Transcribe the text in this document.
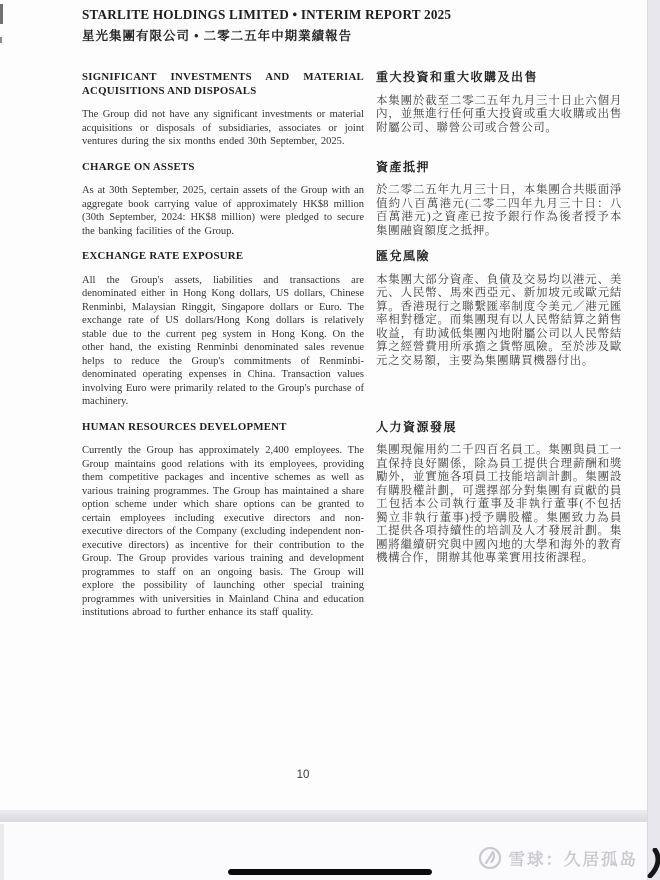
STARLITE HOLDINGS LIMITED • INTERIM REPORT 2025
星光集團有限公司 • 二零二五年中期業績報告
SIGNIFICANT INVESTMENTS AND MATERIAL ACQUISITIONS AND DISPOSALS

The Group did not have any significant investments or material acquisitions or disposals of subsidiaries, associates or joint ventures during the six months ended 30th September, 2025.

重大投資和重大收購及出售

本集團於截至二零二五年九月三十日止六個月內，並無進行任何重大投資或重大收購或出售附屬公司、聯營公司或合營公司。

CHARGE ON ASSETS

As at 30th September, 2025, certain assets of the Group with an aggregate book carrying value of approximately HK$8 million (30th September, 2024: HK$8 million) were pledged to secure the banking facilities of the Group.

資產抵押

於二零二五年九月三十日，本集團合共賬面淨值約八百萬港元(二零二四年九月三十日：八百萬港元)之資產已按予銀行作為後者授予本集團融資額度之抵押。

EXCHANGE RATE EXPOSURE

All the Group's assets, liabilities and transactions are denominated either in Hong Kong dollars, US dollars, Chinese Renminbi, Malaysian Ringgit, Singapore dollars or Euro. The exchange rate of US dollars/Hong Kong dollars is relatively stable due to the current peg system in Hong Kong. On the other hand, the existing Renminbi denominated sales revenue helps to reduce the Group's commitments of Renminbi-denominated operating expenses in China. Transaction values involving Euro were primarily related to the Group's purchase of machinery.

匯兌風險

本集團大部分資產、負債及交易均以港元、美元、人民幣、馬來西亞元、新加坡元或歐元結算。香港現行之聯繫匯率制度令美元／港元匯率相對穩定。而集團現有以人民幣結算之銷售收益，有助減低集團內地附屬公司以人民幣結算之經營費用所承擔之貨幣風險。至於涉及歐元之交易額，主要為集團購買機器付出。

HUMAN RESOURCES DEVELOPMENT

Currently the Group has approximately 2,400 employees. The Group maintains good relations with its employees, providing them competitive packages and incentive schemes as well as various training programmes. The Group has maintained a share option scheme under which share options can be granted to certain employees including executive directors and non-executive directors of the Company (excluding independent non-executive directors) as incentive for their contribution to the Group. The Group provides various training and development programmes to staff on an ongoing basis. The Group will explore the possibility of launching other special training programmes with universities in Mainland China and education institutions abroad to further enhance its staff quality.

人力資源發展

集團現僱用約二千四百名員工。集團與員工一直保持良好關係，除為員工提供合理薪酬和獎勵外，並實施各項員工技能培訓計劃。集團設有購股權計劃，可選擇部分對集團有貢獻的員工包括本公司執行董事及非執行董事(不包括獨立非執行董事)授予購股權。集團致力為員工提供各項持續性的培訓及人才發展計劃。集團將繼續研究與中國內地的大學和海外的教育機構合作，開辦其他專業實用技術課程。

10
雪球：久居孤岛
